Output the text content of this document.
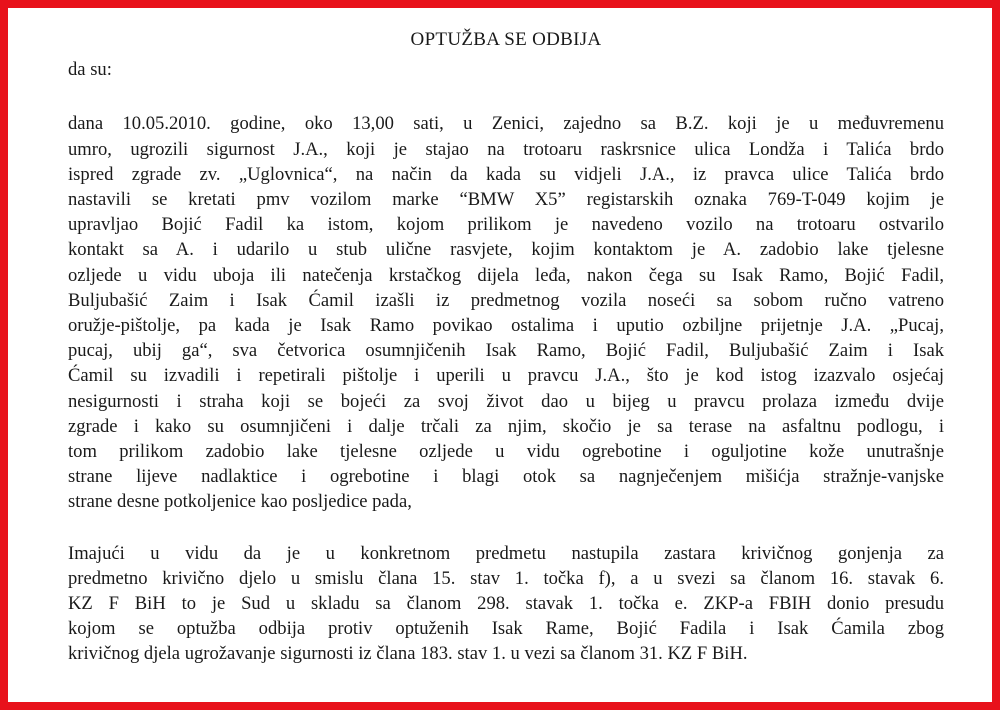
OPTUŽBA SE ODBIJA
da su:
dana 10.05.2010. godine, oko 13,00 sati, u Zenici, zajedno sa B.Z. koji je u međuvremenu
umro, ugrozili sigurnost J.A., koji je stajao na trotoaru raskrsnice ulica Londža i Talića brdo
ispred zgrade zv. „Uglovnica“, na način da kada su vidjeli J.A., iz pravca ulice Talića brdo
nastavili se kretati pmv vozilom marke “BMW X5” registarskih oznaka 769-T-049 kojim je
upravljao Bojić Fadil ka istom, kojom prilikom je navedeno vozilo na trotoaru ostvarilo
kontakt sa A. i udarilo u stub ulične rasvjete, kojim kontaktom je A. zadobio lake tjelesne
ozljede u vidu uboja ili natečenja krstačkog dijela leđa, nakon čega su Isak Ramo, Bojić Fadil,
Buljubašić Zaim i Isak Ćamil izašli iz predmetnog vozila noseći sa sobom ručno vatreno
oružje-pištolje, pa kada je Isak Ramo povikao ostalima i uputio ozbiljne prijetnje J.A. „Pucaj,
pucaj, ubij ga“, sva četvorica osumnjičenih Isak Ramo, Bojić Fadil, Buljubašić Zaim i Isak
Ćamil su izvadili i repetirali pištolje i uperili u pravcu J.A., što je kod istog izazvalo osjećaj
nesigurnosti i straha koji se bojeći za svoj život dao u bijeg u pravcu prolaza između dvije
zgrade i kako su osumnjičeni i dalje trčali za njim, skočio je sa terase na asfaltnu podlogu, i
tom prilikom zadobio lake tjelesne ozljede u vidu ogrebotine i oguljotine kože unutrašnje
strane lijeve nadlaktice i ogrebotine i blagi otok sa nagnječenjem mišićja stražnje-vanjske
strane desne potkoljenice kao posljedice pada,
Imajući u vidu da je u konkretnom predmetu nastupila zastara krivičnog gonjenja za
predmetno krivično djelo u smislu člana 15. stav 1. točka f), a u svezi sa članom 16. stavak 6.
KZ F BiH to je Sud u skladu sa članom 298. stavak 1. točka e. ZKP-a FBIH donio presudu
kojom se optužba odbija protiv optuženih Isak Rame, Bojić Fadila i Isak Ćamila zbog
krivičnog djela ugrožavanje sigurnosti iz člana 183. stav 1. u vezi sa članom 31. KZ F BiH.
